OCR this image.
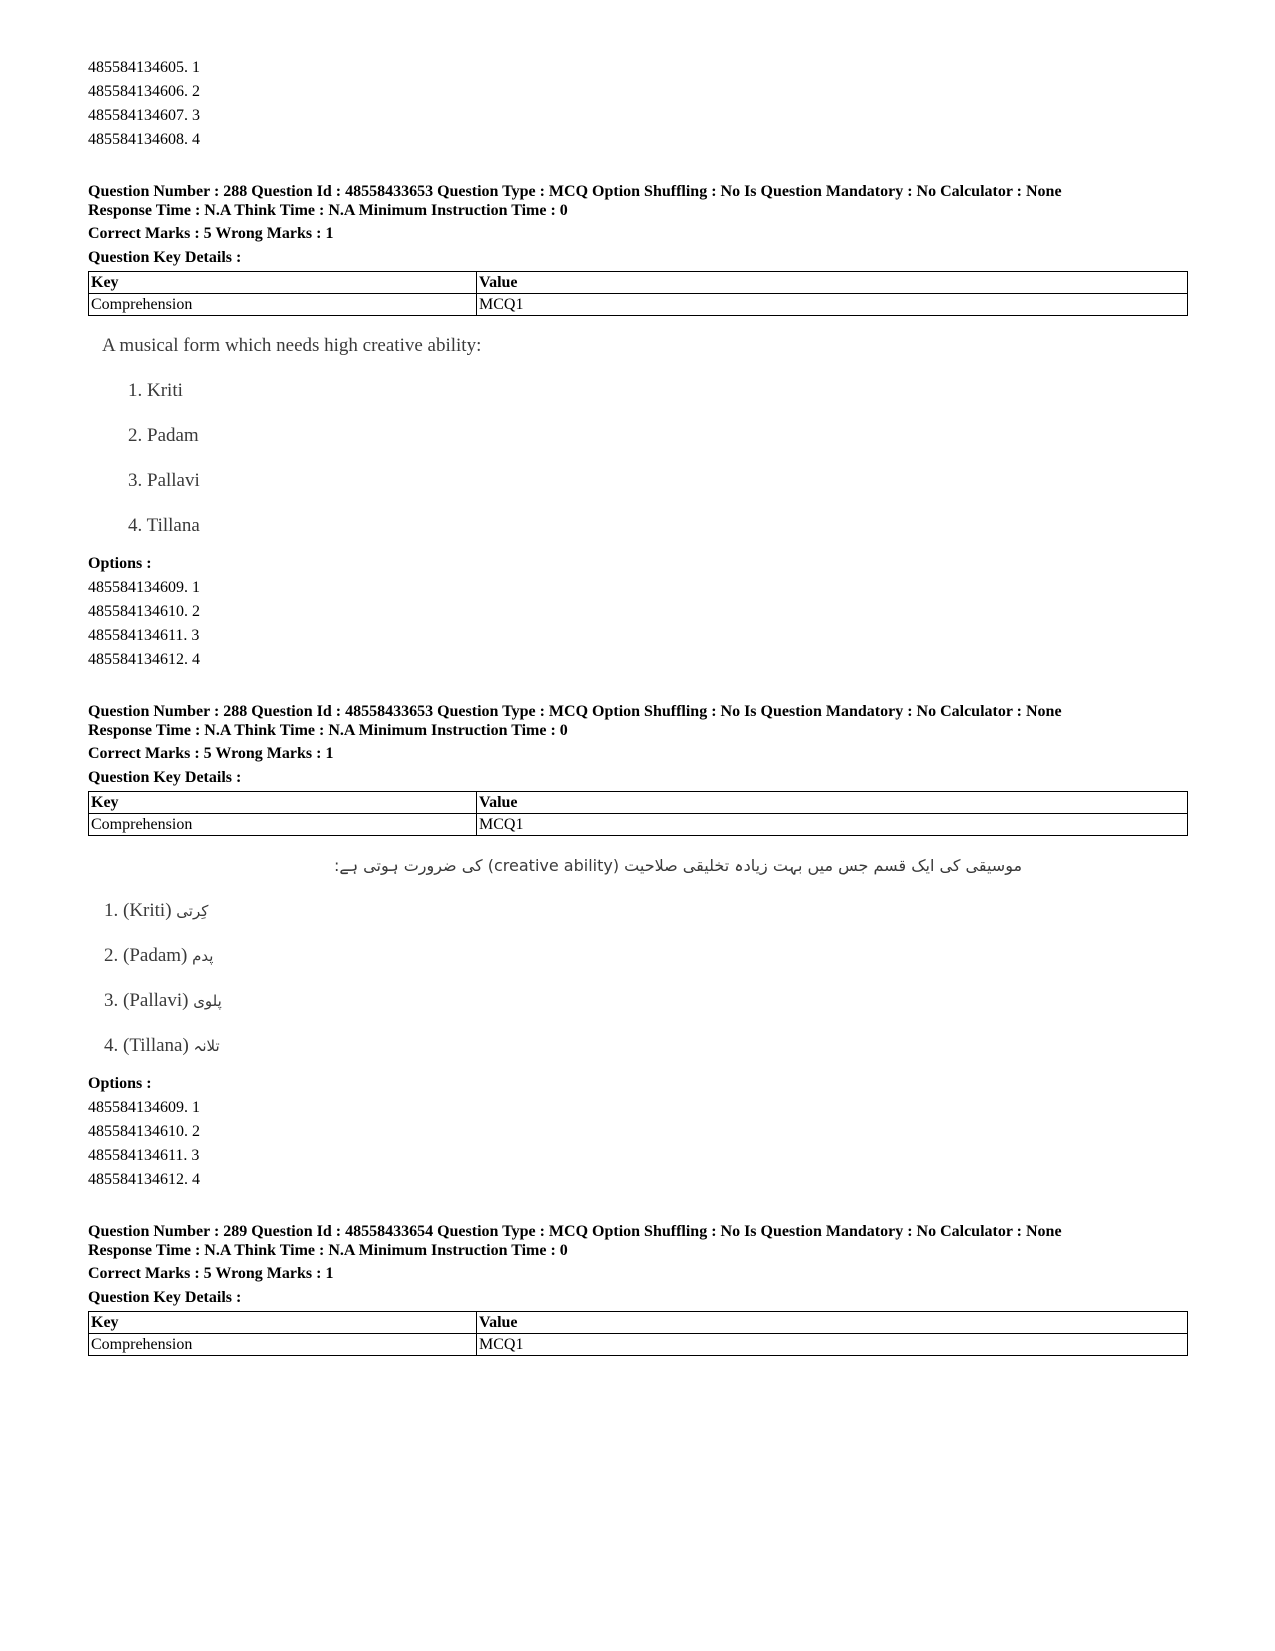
485584134605. 1
485584134606. 2
485584134607. 3
485584134608. 4
Question Number : 288 Question Id : 48558433653 Question Type : MCQ Option Shuffling : No Is Question Mandatory : No Calculator : None
Response Time : N.A Think Time : N.A Minimum Instruction Time : 0
Correct Marks : 5 Wrong Marks : 1
Question Key Details :
Key	Value
Comprehension	MCQ1
A musical form which needs high creative ability:
1. Kriti
2. Padam
3. Pallavi
4. Tillana
Options :
485584134609. 1
485584134610. 2
485584134611. 3
485584134612. 4
Question Number : 288 Question Id : 48558433653 Question Type : MCQ Option Shuffling : No Is Question Mandatory : No Calculator : None
Response Time : N.A Think Time : N.A Minimum Instruction Time : 0
Correct Marks : 5 Wrong Marks : 1
Question Key Details :
Key	Value
Comprehension	MCQ1
موسیقی کی ایک قسم جس میں بہت زیادہ تخلیقی صلاحیت (creative ability) کی ضرورت ہوتی ہے:
1. (Kriti) کِرتی
2. (Padam) پدم
3. (Pallavi) پلوی
4. (Tillana) تلانہ
Options :
485584134609. 1
485584134610. 2
485584134611. 3
485584134612. 4
Question Number : 289 Question Id : 48558433654 Question Type : MCQ Option Shuffling : No Is Question Mandatory : No Calculator : None
Response Time : N.A Think Time : N.A Minimum Instruction Time : 0
Correct Marks : 5 Wrong Marks : 1
Question Key Details :
Key	Value
Comprehension	MCQ1
